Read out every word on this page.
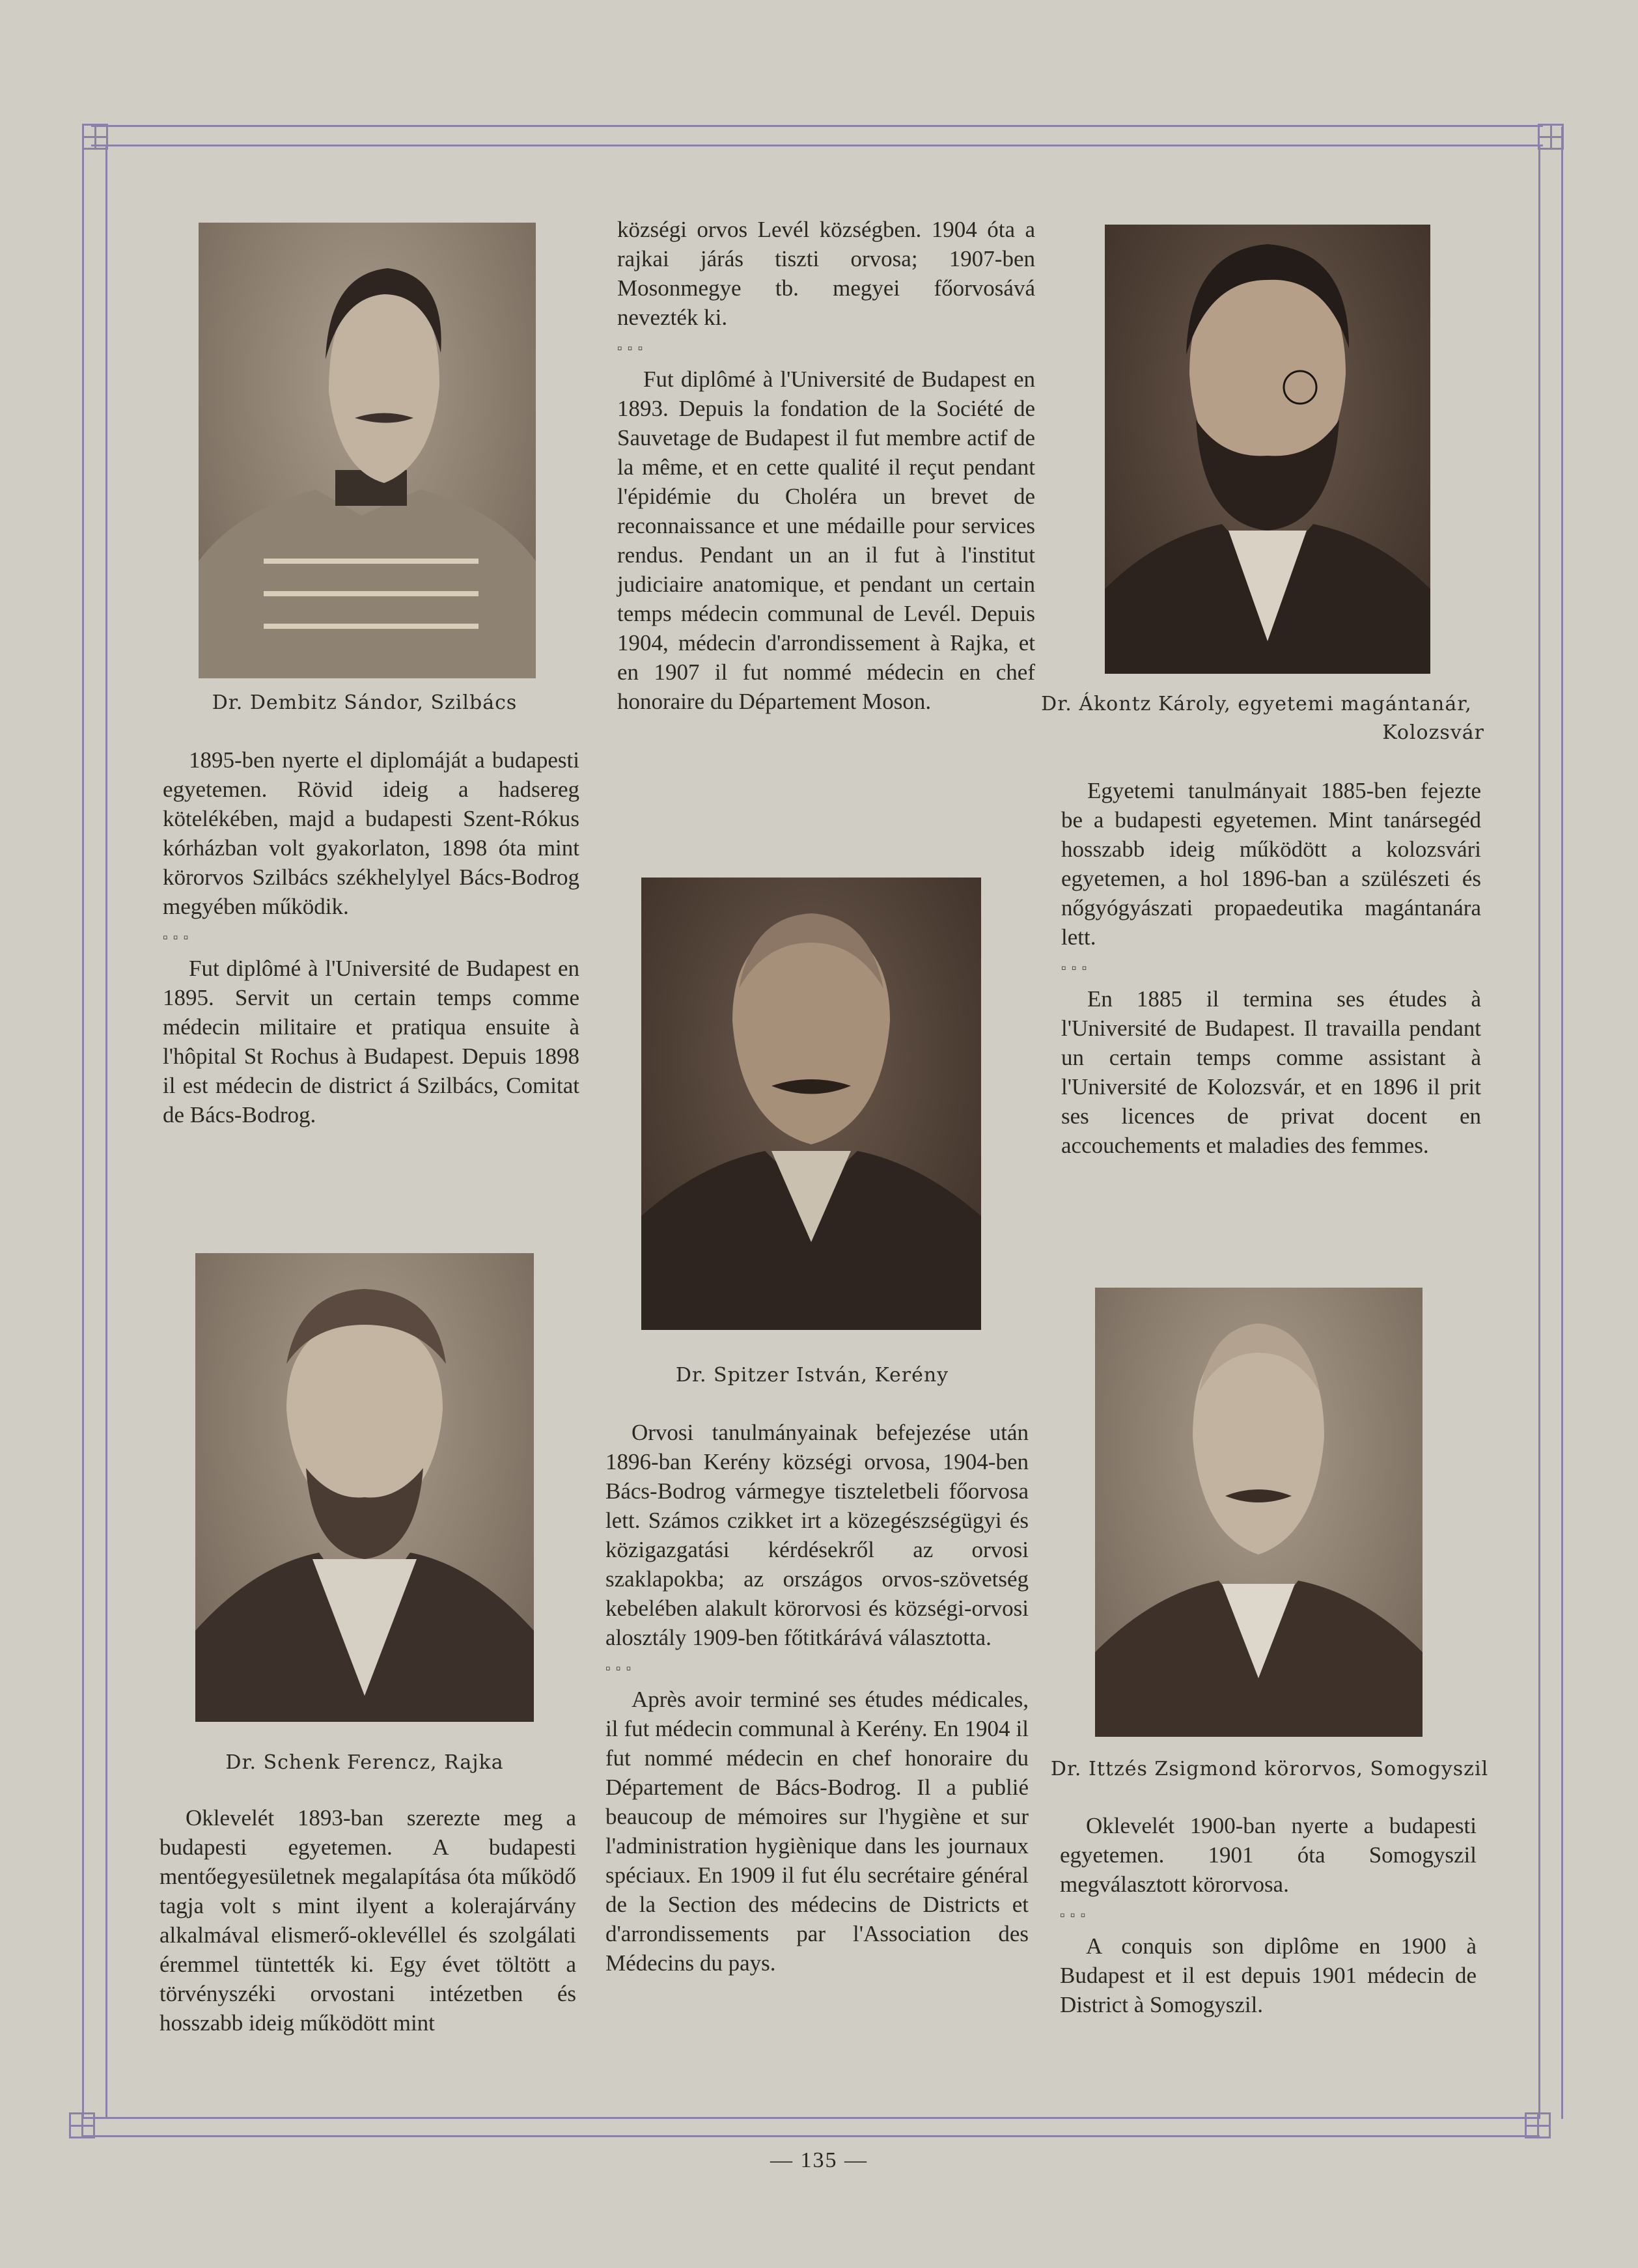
Dr. Dembitz Sándor, Szilbács

1895-ben nyerte el diplomáját a budapesti egyetemen. Rövid ideig a hadsereg kötelékében, majd a budapesti Szent-Rókus kórházban volt gyakorlaton, 1898 óta mint körorvos Szilbács székhelylyel Bács-Bodrog megyében működik.

▫▫▫

Fut diplômé à l'Université de Budapest en 1895. Servit un certain temps comme médecin militaire et pratiqua ensuite à l'hôpital St Rochus à Budapest. Depuis 1898 il est médecin de district á Szilbács, Comitat de Bács-Bodrog.

községi orvos Levél községben. 1904 óta a rajkai járás tiszti orvosa; 1907-ben Mosonmegye tb. megyei főorvosává nevezték ki.

▫▫▫

Fut diplômé à l'Université de Budapest en 1893. Depuis la fondation de la Société de Sauvetage de Budapest il fut membre actif de la même, et en cette qualité il reçut pendant l'épidémie du Choléra un brevet de reconnaissance et une médaille pour services rendus. Pendant un an il fut à l'institut judiciaire anatomique, et pendant un certain temps médecin communal de Levél. Depuis 1904, médecin d'arrondissement à Rajka, et en 1907 il fut nommé médecin en chef honoraire du Département Moson.	Dr. Ákontz Károly, egyetemi magántanár,
Kolozsvár

Egyetemi tanulmányait 1885-ben fejezte be a budapesti egyetemen. Mint tanársegéd hosszabb ideig működött a kolozsvári egyetemen, a hol 1896-ban a szülészeti és nőgyógyászati propaedeutika magántanára lett.

▫▫▫

En 1885 il termina ses études à l'Université de Budapest. Il travailla pendant un certain temps comme assistant à l'Université de Kolozsvár, et en 1896 il prit ses licences de privat docent en accouchements et maladies des femmes.

Dr. Spitzer István, Kerény

Orvosi tanulmányainak befejezése után 1896-ban Kerény községi orvosa, 1904-ben Bács-Bodrog vármegye tiszteletbeli főorvosa lett. Számos czikket irt a közegészségügyi és közigazgatási kérdésekről az orvosi szaklapokba; az országos orvos-szövetség kebelében alakult körorvosi és községi-orvosi alosztály 1909-ben főtitkárává választotta.

▫▫▫

Après avoir terminé ses études médicales, il fut médecin communal à Kerény. En 1904 il fut nommé médecin en chef honoraire du Département de Bács-Bodrog. Il a publié beaucoup de mémoires sur l'hygiène et sur l'administration hygiènique dans les journaux spéciaux. En 1909 il fut élu secrétaire général de la Section des médecins de Districts et d'arrondissements par l'Association des Médecins du pays.

Dr. Schenk Ferencz, Rajka

Oklevelét 1893-ban szerezte meg a budapesti egyetemen. A budapesti mentőegyesületnek megalapítása óta működő tagja volt s mint ilyent a kolerajárvány alkalmával elismerő-oklevéllel és szolgálati éremmel tüntették ki. Egy évet töltött a törvényszéki orvostani intézetben és hosszabb ideig működött mint

Dr. Ittzés Zsigmond körorvos, Somogyszil

Oklevelét 1900-ban nyerte a budapesti egyetemen. 1901 óta Somogyszil megválasztott körorvosa.

▫▫▫

A conquis son diplôme en 1900 à Budapest et il est depuis 1901 médecin de District à Somogyszil.

— 135 —
